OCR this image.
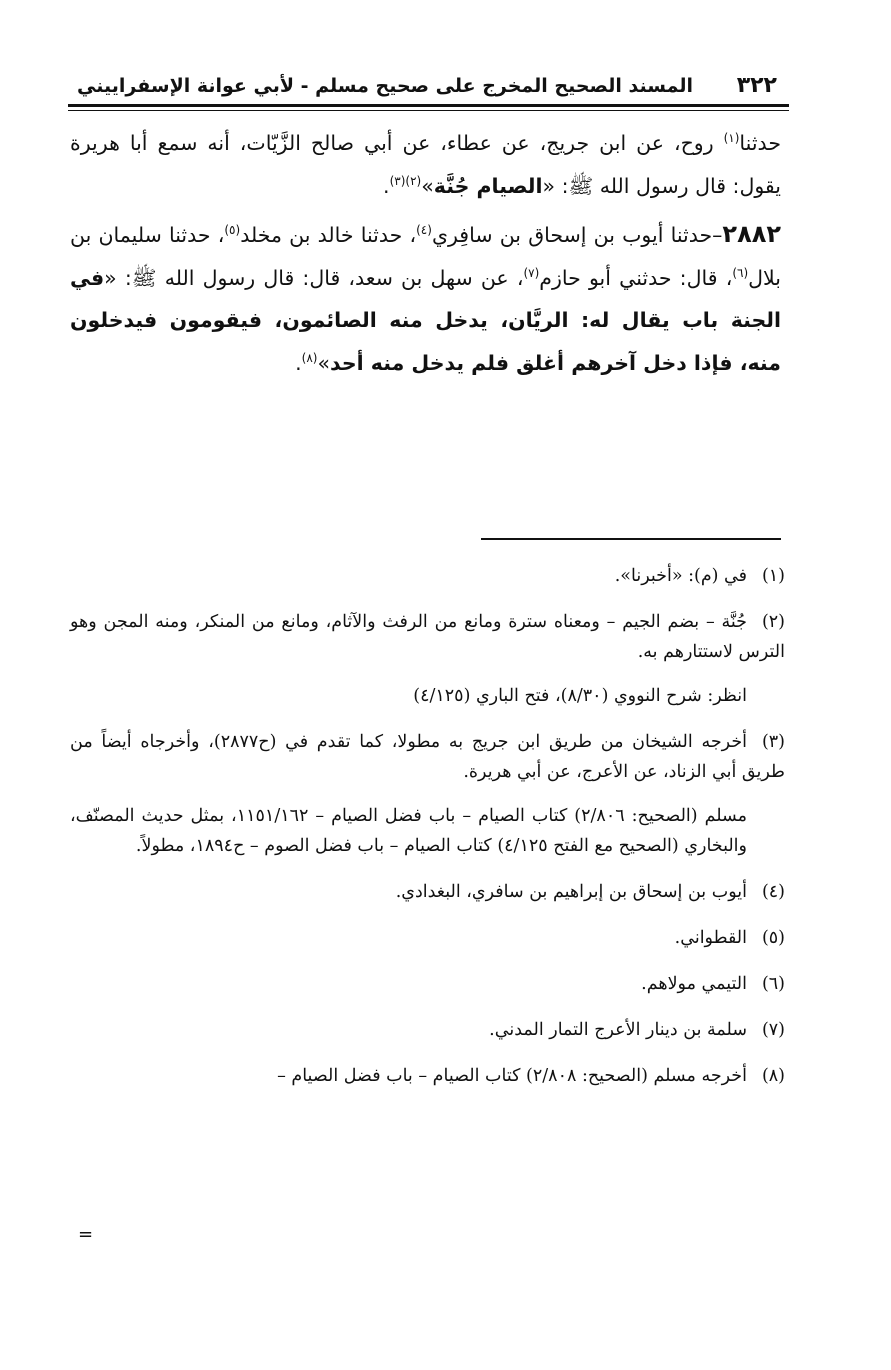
٣٢٢
المسند الصحيح المخرج على صحيح مسلم - لأبي عوانة الإسفراييني

حدثنا$^{(١)}$ روح، عن ابن جريج، عن عطاء، عن أبي صالح الزَّيّات، أنه سمع أبا هريرة يقول: قال رسول الله ﷺ: «الصيام جُنَّة»$^{(٢)(٣)}$.

٢٨٨٢–حدثنا أيوب بن إسحاق بن سافِري$^{(٤)}$، حدثنا خالد بن مخلد$^{(٥)}$، حدثنا سليمان بن بلال$^{(٦)}$، قال: حدثني أبو حازم$^{(٧)}$، عن سهل بن سعد، قال: قال رسول الله ﷺ: «في الجنة باب يقال له: الريَّان، يدخل منه الصائمون، فيقومون فيدخلون منه، فإذا دخل آخرهم أغلق فلم يدخل منه أحد»$^{(٨)}$.

(١)في (م): «أخبرنا».

(٢)جُنَّة – بضم الجيم – ومعناه سترة ومانع من الرفث والآثام، ومانع من المنكر، ومنه المجن وهو الترس لاستتارهم به.
انظر: شرح النووي (٨/٣٠)، فتح الباري (٤/١٢٥)

(٣)أخرجه الشيخان من طريق ابن جريج به مطولا، كما تقدم في (ح٢٨٧٧)، وأخرجاه أيضاً من طريق أبي الزناد، عن الأعرج، عن أبي هريرة.
مسلم (الصحيح: ٢/٨٠٦) كتاب الصيام – باب فضل الصيام – ١١٥١/١٦٢، بمثل حديث المصنّف، والبخاري (الصحيح مع الفتح ٤/١٢٥) كتاب الصيام – باب فضل الصوم – ح١٨٩٤، مطولاً.

(٤)أيوب بن إسحاق بن إبراهيم بن سافري، البغدادي.

(٥)القطواني.

(٦)التيمي مولاهم.

(٧)سلمة بن دينار الأعرج التمار المدني.

(٨)أخرجه مسلم (الصحيح: ٢/٨٠٨) كتاب الصيام – باب فضل الصيام –

=
